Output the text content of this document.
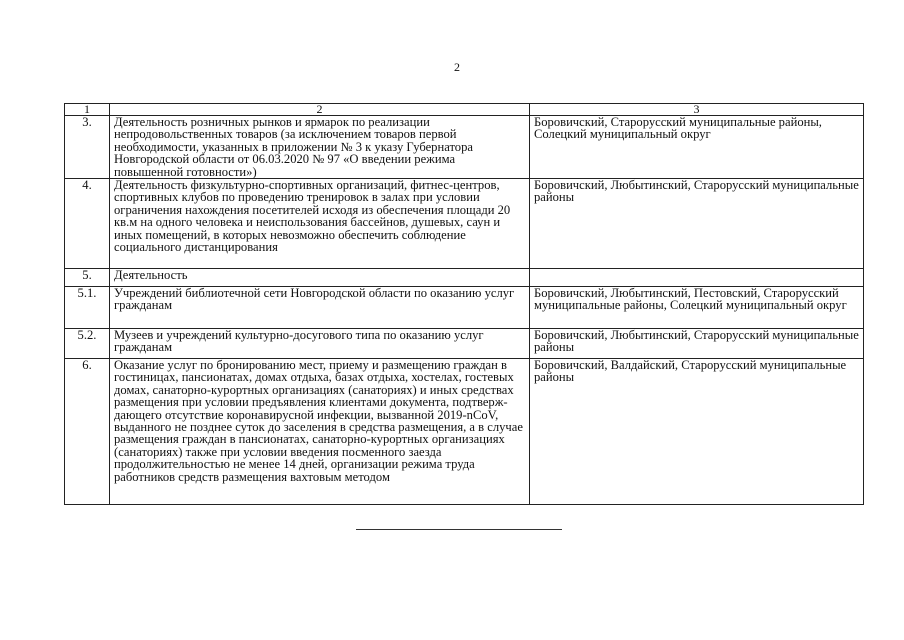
2
1	2	3
3.	Деятельность розничных рынков и ярмарок по реализации непродовольственных товаров (за исключением товаров первой необходимости, указанных в приложении № 3 к указу Губернатора Новгородской области от 06.03.2020 № 97 «О введении режима повышенной готовности»)	Боровичский, Старорусский муниципальные районы, Солецкий муниципальный округ
4.	Деятельность физкультурно-спортивных организаций, фитнес-центров, спортивных клубов по проведению тренировок в залах при условии ограничения нахождения посетителей исходя из обеспечения площади 20 кв.м на одного человека и неиспользования бассейнов, душевых, саун и иных помещений, в которых невозможно обеспечить соблюдение социального дистанцирования	Боровичский, Любытинский, Старорусский муниципальные районы
5.	Деятельность	
5.1.	Учреждений библиотечной сети Новгородской области по оказанию услуг гражданам	Боровичский, Любытинский, Пестовский, Старорусский муниципальные районы, Солецкий муниципальный округ
5.2.	Музеев и учреждений культурно-досугового типа по оказанию услуг гражданам	Боровичский, Любытинский, Старорусский муниципальные районы
6.	Оказание услуг по бронированию мест, приему и размещению граждан в гостиницах, пансионатах, домах отдыха, базах отдыха, хостелах, гостевых домах, санаторно-курортных организациях (санаториях) и иных средствах размещения при условии предъявления клиентами документа, подтверж-дающего отсутствие коронавирусной инфекции, вызванной 2019-nCoV, выданного не позднее суток до заселения в средства размещения, а в случае размещения граждан в пансионатах, санаторно-курортных организациях (санаториях) также при условии введения посменного заезда продолжительностью не менее 14 дней, организации режима труда работников средств размещения вахтовым методом	Боровичский, Валдайский, Старорусский муниципальные районы
